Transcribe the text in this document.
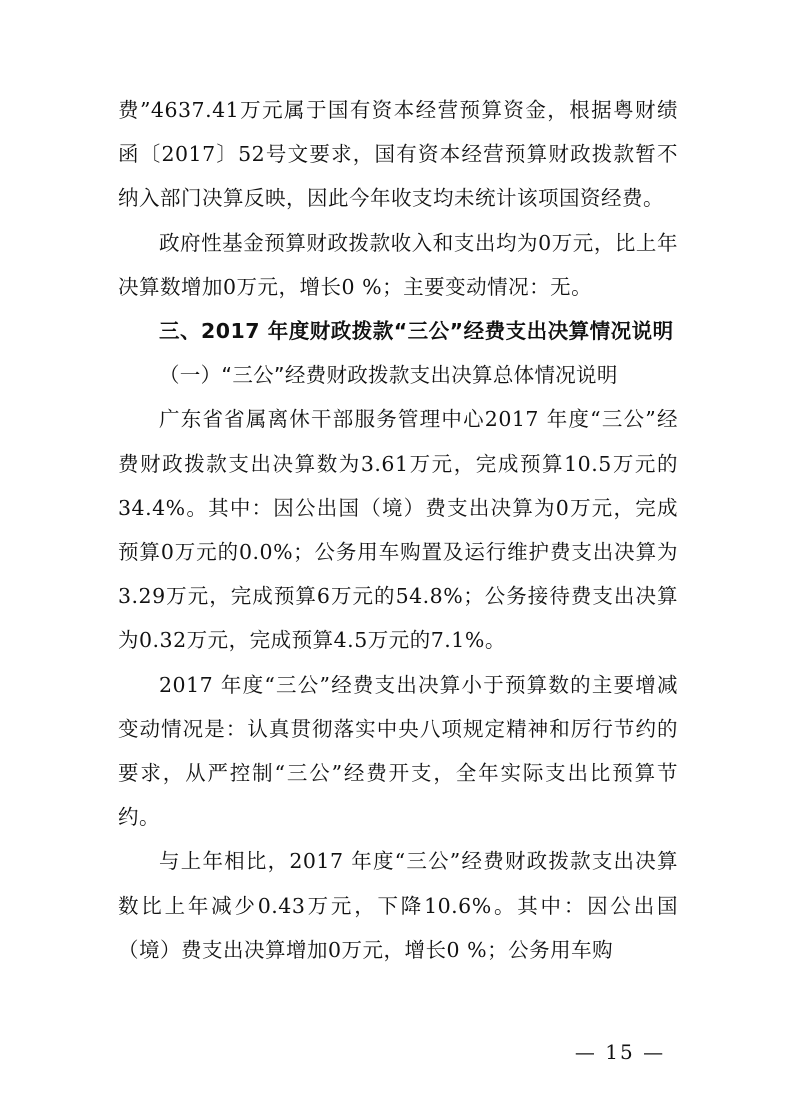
费”4637.41万元属于国有资本经营预算资金，根据粤财绩函〔2017〕52号文要求，国有资本经营预算财政拨款暂不纳入部门决算反映，因此今年收支均未统计该项国资经费。

政府性基金预算财政拨款收入和支出均为0万元，比上年决算数增加0万元，增长0 %；主要变动情况：无。

三、2017 年度财政拨款“三公”经费支出决算情况说明

（一）“三公”经费财政拨款支出决算总体情况说明

广东省省属离休干部服务管理中心2017 年度“三公”经费财政拨款支出决算数为3.61万元，完成预算10.5万元的34.4%。其中：因公出国（境）费支出决算为0万元，完成预算0万元的0.0%；公务用车购置及运行维护费支出决算为3.29万元，完成预算6万元的54.8%；公务接待费支出决算为0.32万元，完成预算4.5万元的7.1%。

2017 年度“三公”经费支出决算小于预算数的主要增减变动情况是：认真贯彻落实中央八项规定精神和厉行节约的要求，从严控制“三公”经费开支，全年实际支出比预算节约。

与上年相比，2017 年度“三公”经费财政拨款支出决算数比上年减少0.43万元，下降10.6%。其中：因公出国（境）费支出决算增加0万元，增长0 %；公务用车购

— 15 —
